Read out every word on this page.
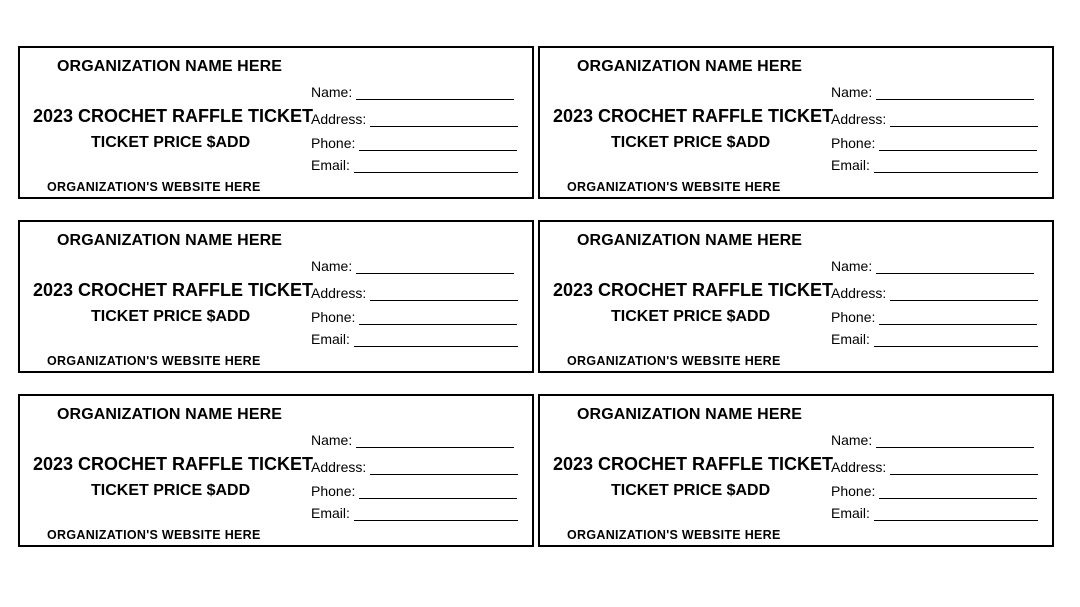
ORGANIZATION NAME HERE
2023 CROCHET RAFFLE TICKET
TICKET PRICE $ADD
ORGANIZATION'S WEBSITE HERE
Name:
Address:
Phone:
Email:
ORGANIZATION NAME HERE
2023 CROCHET RAFFLE TICKET
TICKET PRICE $ADD
ORGANIZATION'S WEBSITE HERE
Name:
Address:
Phone:
Email:
ORGANIZATION NAME HERE
2023 CROCHET RAFFLE TICKET
TICKET PRICE $ADD
ORGANIZATION'S WEBSITE HERE
Name:
Address:
Phone:
Email:
ORGANIZATION NAME HERE
2023 CROCHET RAFFLE TICKET
TICKET PRICE $ADD
ORGANIZATION'S WEBSITE HERE
Name:
Address:
Phone:
Email:
ORGANIZATION NAME HERE
2023 CROCHET RAFFLE TICKET
TICKET PRICE $ADD
ORGANIZATION'S WEBSITE HERE
Name:
Address:
Phone:
Email:
ORGANIZATION NAME HERE
2023 CROCHET RAFFLE TICKET
TICKET PRICE $ADD
ORGANIZATION'S WEBSITE HERE
Name:
Address:
Phone:
Email:
